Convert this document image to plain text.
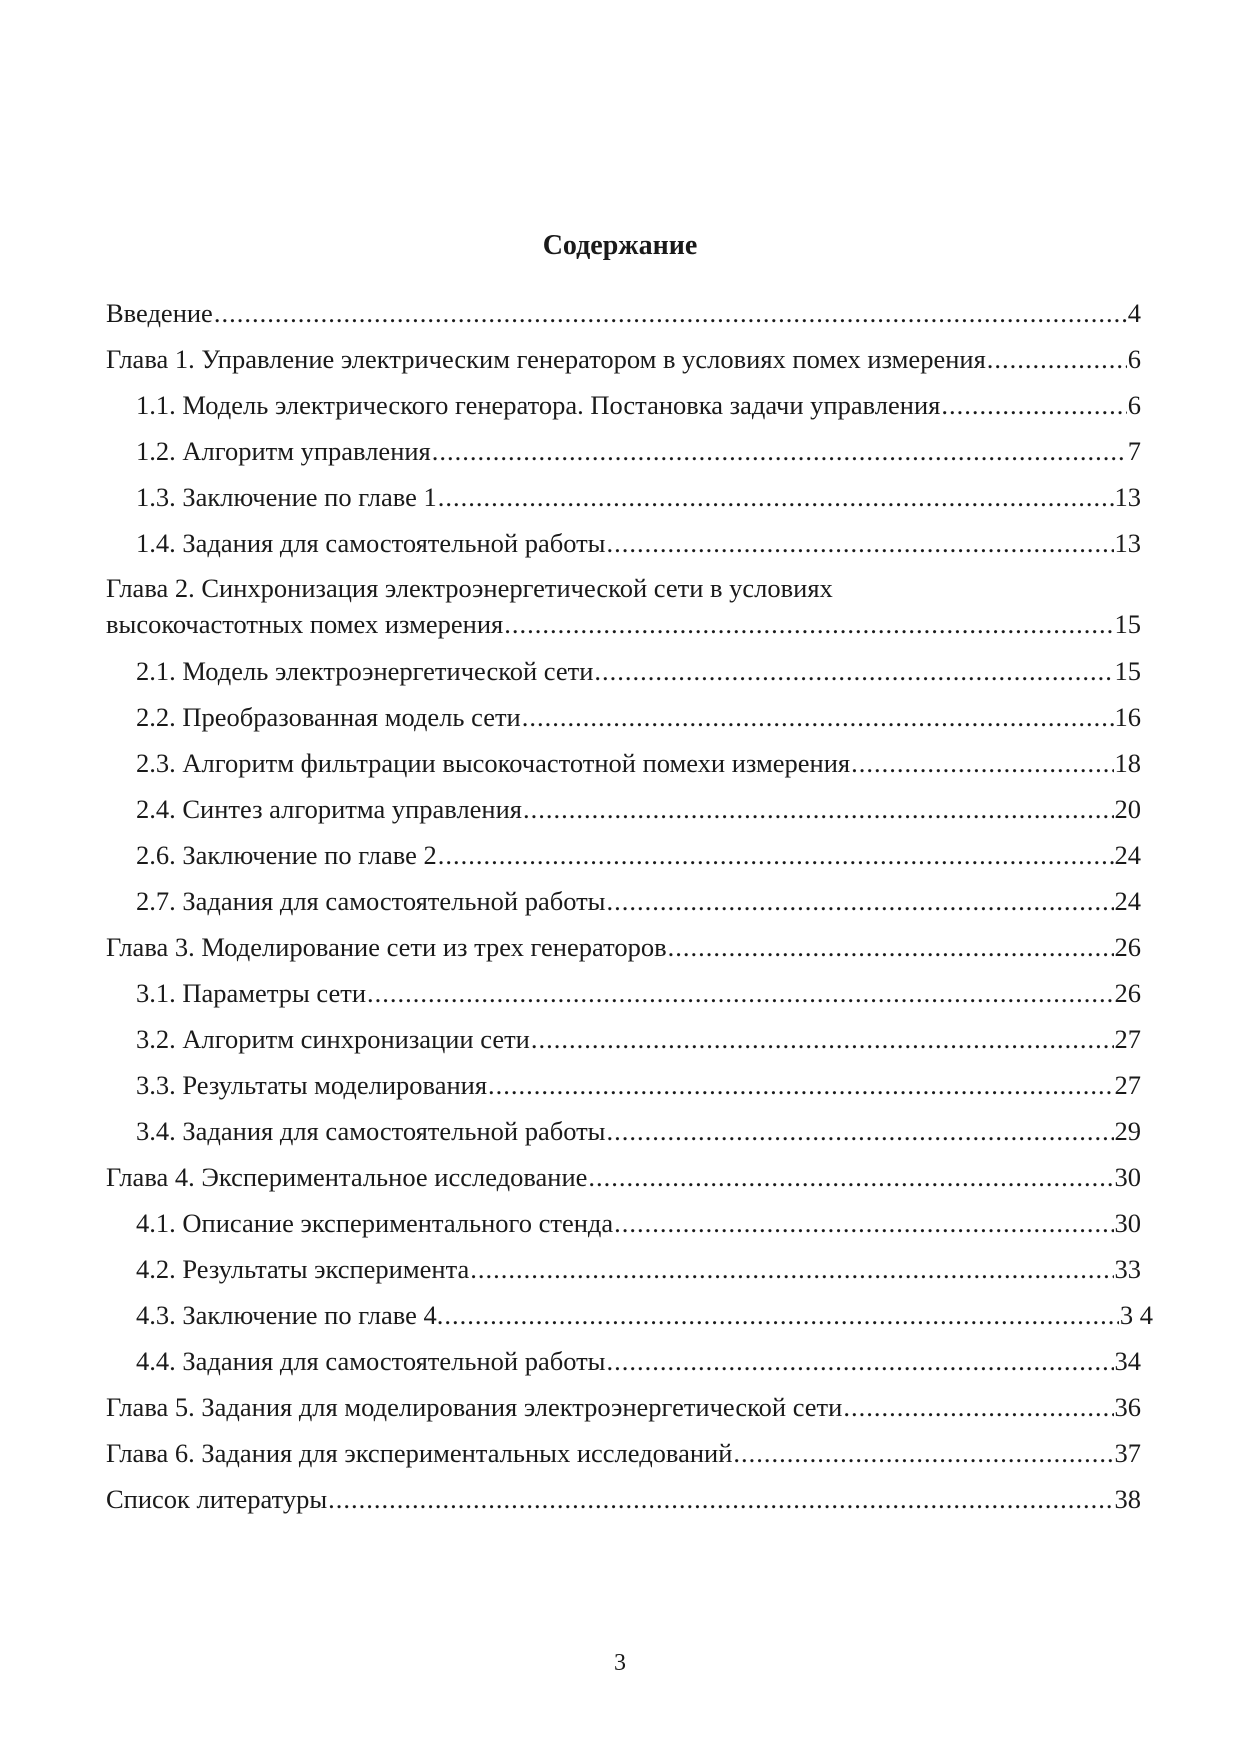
Содержание
Введение .....	4
Глава 1. Управление электрическим генератором в условиях помех измерения .....	6
1.1. Модель электрического генератора. Постановка задачи управления .....	6
1.2. Алгоритм управления .....	7
1.3. Заключение по главе 1 .....	13
1.4. Задания для самостоятельной работы .....	13
Глава 2. Синхронизация электроэнергетической сети в условиях
высокочастотных помех измерения .....	15
2.1. Модель электроэнергетической сети .....	15
2.2. Преобразованная модель сети .....	16
2.3. Алгоритм фильтрации высокочастотной помехи измерения .....	18
2.4. Синтез алгоритма управления .....	20
2.6. Заключение по главе 2 .....	24
2.7. Задания для самостоятельной работы .....	24
Глава 3. Моделирование сети из трех генераторов .....	26
3.1. Параметры сети .....	26
3.2. Алгоритм синхронизации сети .....	27
3.3. Результаты моделирования .....	27
3.4. Задания для самостоятельной работы .....	29
Глава 4. Экспериментальное исследование .....	30
4.1. Описание экспериментального стенда .....	30
4.2. Результаты эксперимента .....	33
4.3. Заключение по главе 4. .....	3 4
4.4. Задания для самостоятельной работы .....	34
Глава 5. Задания для моделирования электроэнергетической сети .....	36
Глава 6. Задания для экспериментальных исследований .....	37
Список литературы .....	38
3
